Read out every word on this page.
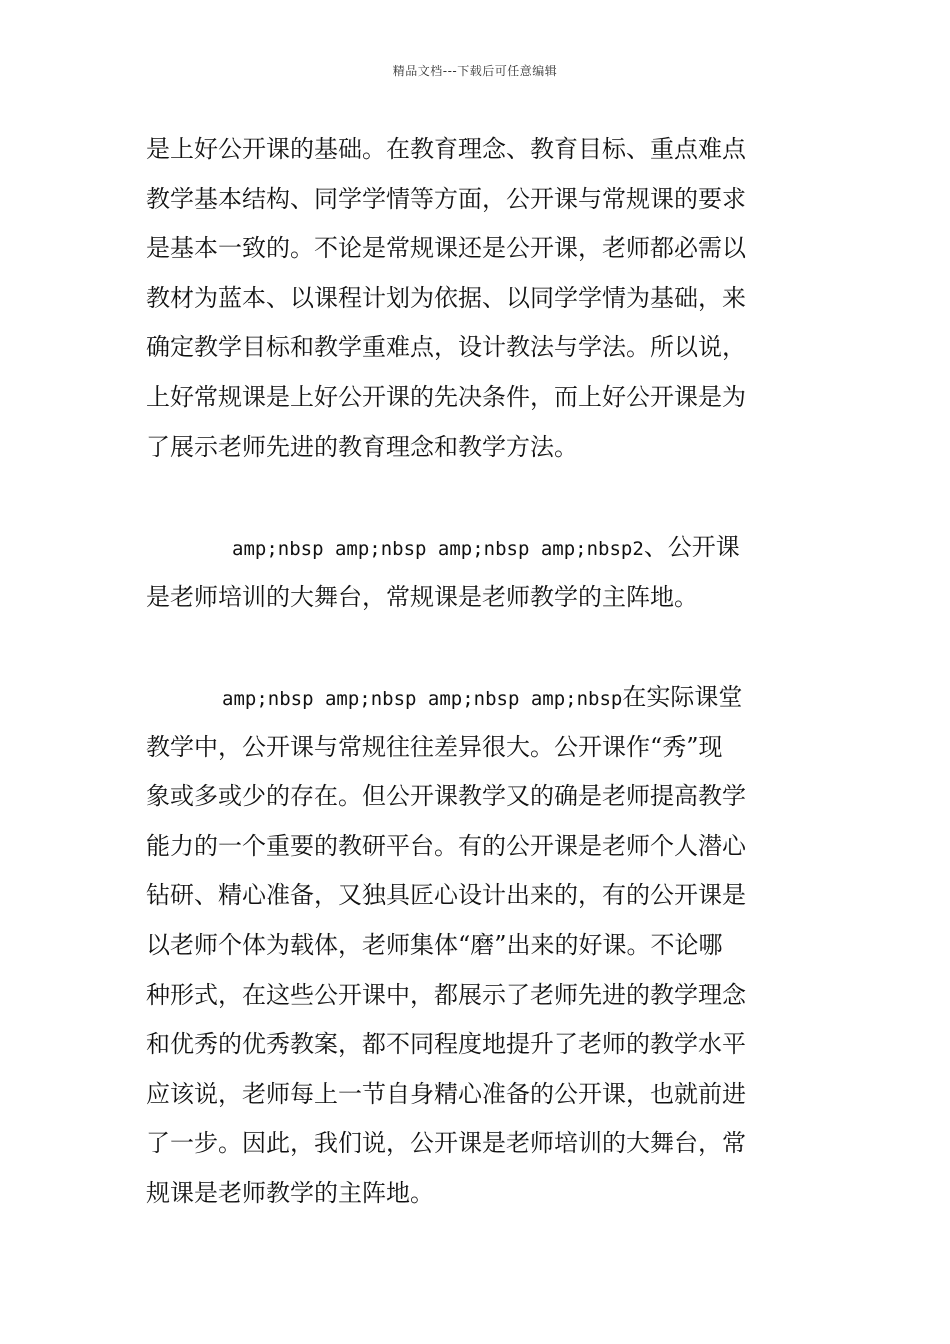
精品文档---下载后可任意编辑
是上好公开课的基础。在教育理念、教育目标、重点难点
教学基本结构、同学学情等方面，公开课与常规课的要求
是基本一致的。不论是常规课还是公开课，老师都必需以
教材为蓝本、以课程计划为依据、以同学学情为基础，来
确定教学目标和教学重难点，设计教法与学法。所以说，
上好常规课是上好公开课的先决条件，而上好公开课是为
了展示老师先进的教育理念和教学方法。
amp;nbsp amp;nbsp amp;nbsp amp;nbsp2、公开课
是老师培训的大舞台，常规课是老师教学的主阵地。
amp;nbsp amp;nbsp amp;nbsp amp;nbsp在实际课堂
教学中，公开课与常规往往差异很大。公开课作“秀”现
象或多或少的存在。但公开课教学又的确是老师提高教学
能力的一个重要的教研平台。有的公开课是老师个人潜心
钻研、精心准备，又独具匠心设计出来的，有的公开课是
以老师个体为载体，老师集体“磨”出来的好课。不论哪
种形式，在这些公开课中，都展示了老师先进的教学理念
和优秀的优秀教案，都不同程度地提升了老师的教学水平
应该说，老师每上一节自身精心准备的公开课，也就前进
了一步。因此，我们说，公开课是老师培训的大舞台，常
规课是老师教学的主阵地。
